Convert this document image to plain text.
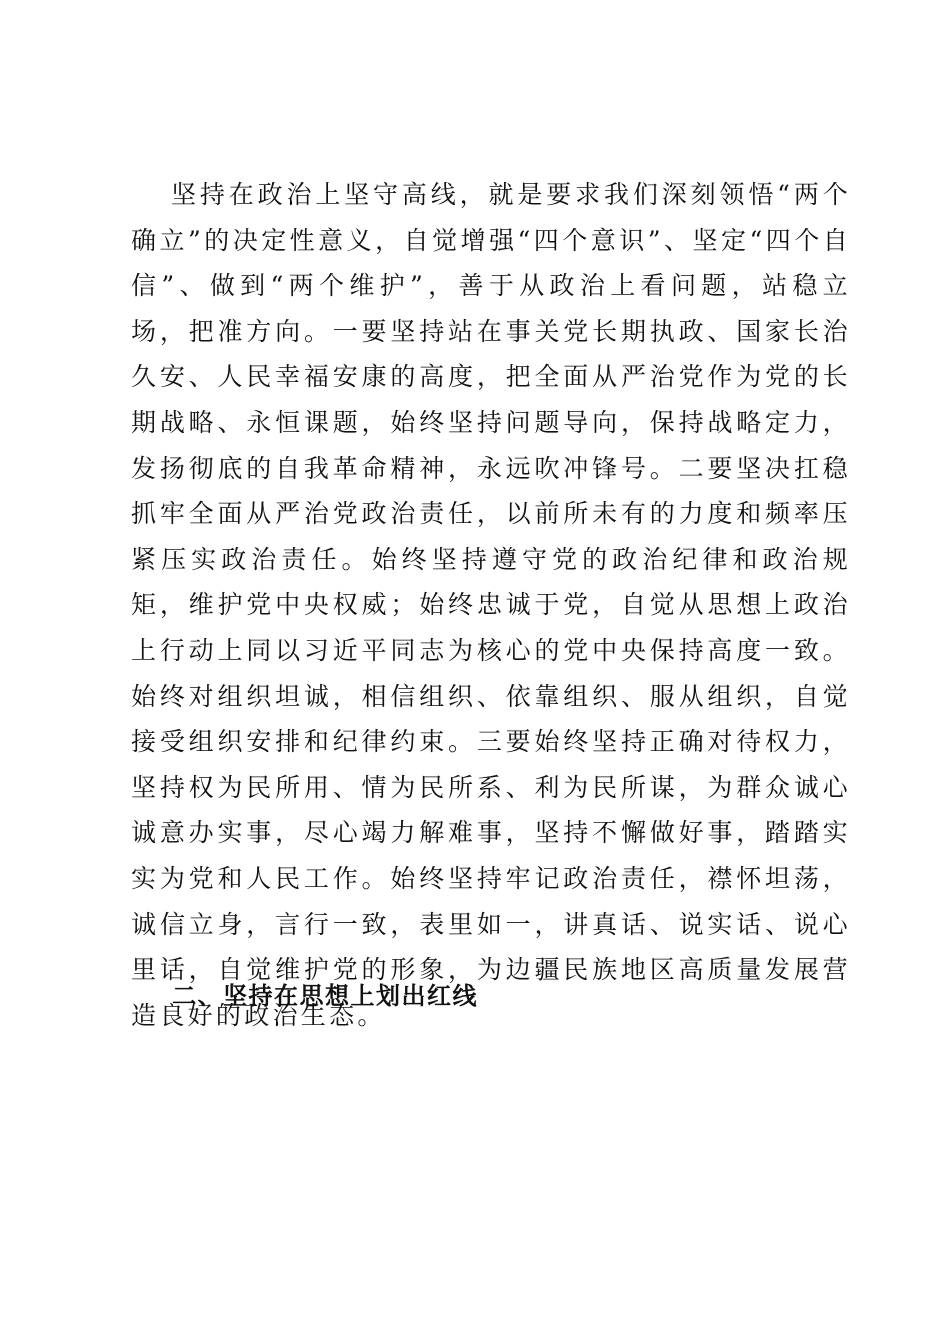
坚持在政治上坚守高线，就是要求我们深刻领悟“两个确立”的决定性意义，自觉增强“四个意识”、坚定“四个自信”、做到“两个维护”，善于从政治上看问题，站稳立场，把准方向。一要坚持站在事关党长期执政、国家长治久安、人民幸福安康的高度，把全面从严治党作为党的长期战略、永恒课题，始终坚持问题导向，保持战略定力，发扬彻底的自我革命精神，永远吹冲锋号。二要坚决扛稳抓牢全面从严治党政治责任，以前所未有的力度和频率压紧压实政治责任。始终坚持遵守党的政治纪律和政治规矩，维护党中央权威；始终忠诚于党，自觉从思想上政治上行动上同以习近平同志为核心的党中央保持高度一致。始终对组织坦诚，相信组织、依靠组织、服从组织，自觉接受组织安排和纪律约束。三要始终坚持正确对待权力，坚持权为民所用、情为民所系、利为民所谋，为群众诚心诚意办实事，尽心竭力解难事，坚持不懈做好事，踏踏实实为党和人民工作。始终坚持牢记政治责任，襟怀坦荡，诚信立身，言行一致，表里如一，讲真话、说实话、说心里话，自觉维护党的形象，为边疆民族地区高质量发展营造良好的政治生态。

二、坚持在思想上划出红线
